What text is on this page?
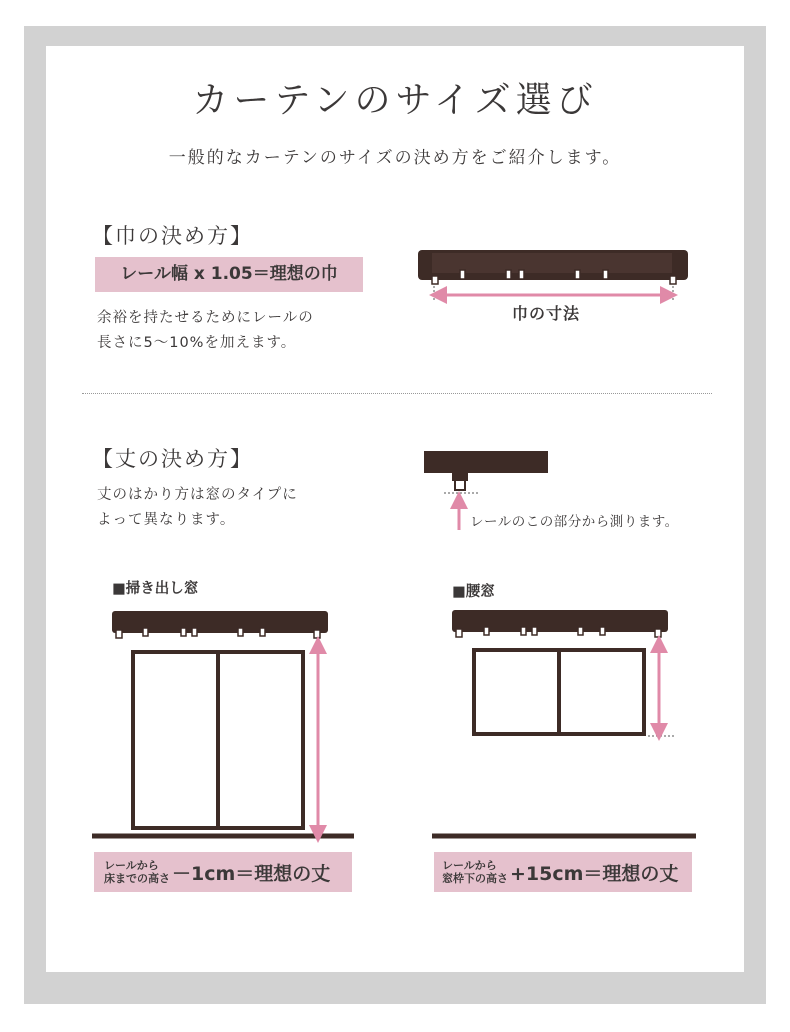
カーテンのサイズ選び
一般的なカーテンのサイズの決め方をご紹介します。
【巾の決め方】
レール幅 x 1.05＝理想の巾
余裕を持たせるためにレールの
長さに5〜10%を加えます。
【丈の決め方】
丈のはかり方は窓のタイプに
よって異なります。	レールのこの部分から測ります。
■掃き出し窓	■腰窓
レールから
床までの高さ －1cm＝理想の丈	レールから
窓枠下の高さ +15cm＝理想の丈
巾の寸法
